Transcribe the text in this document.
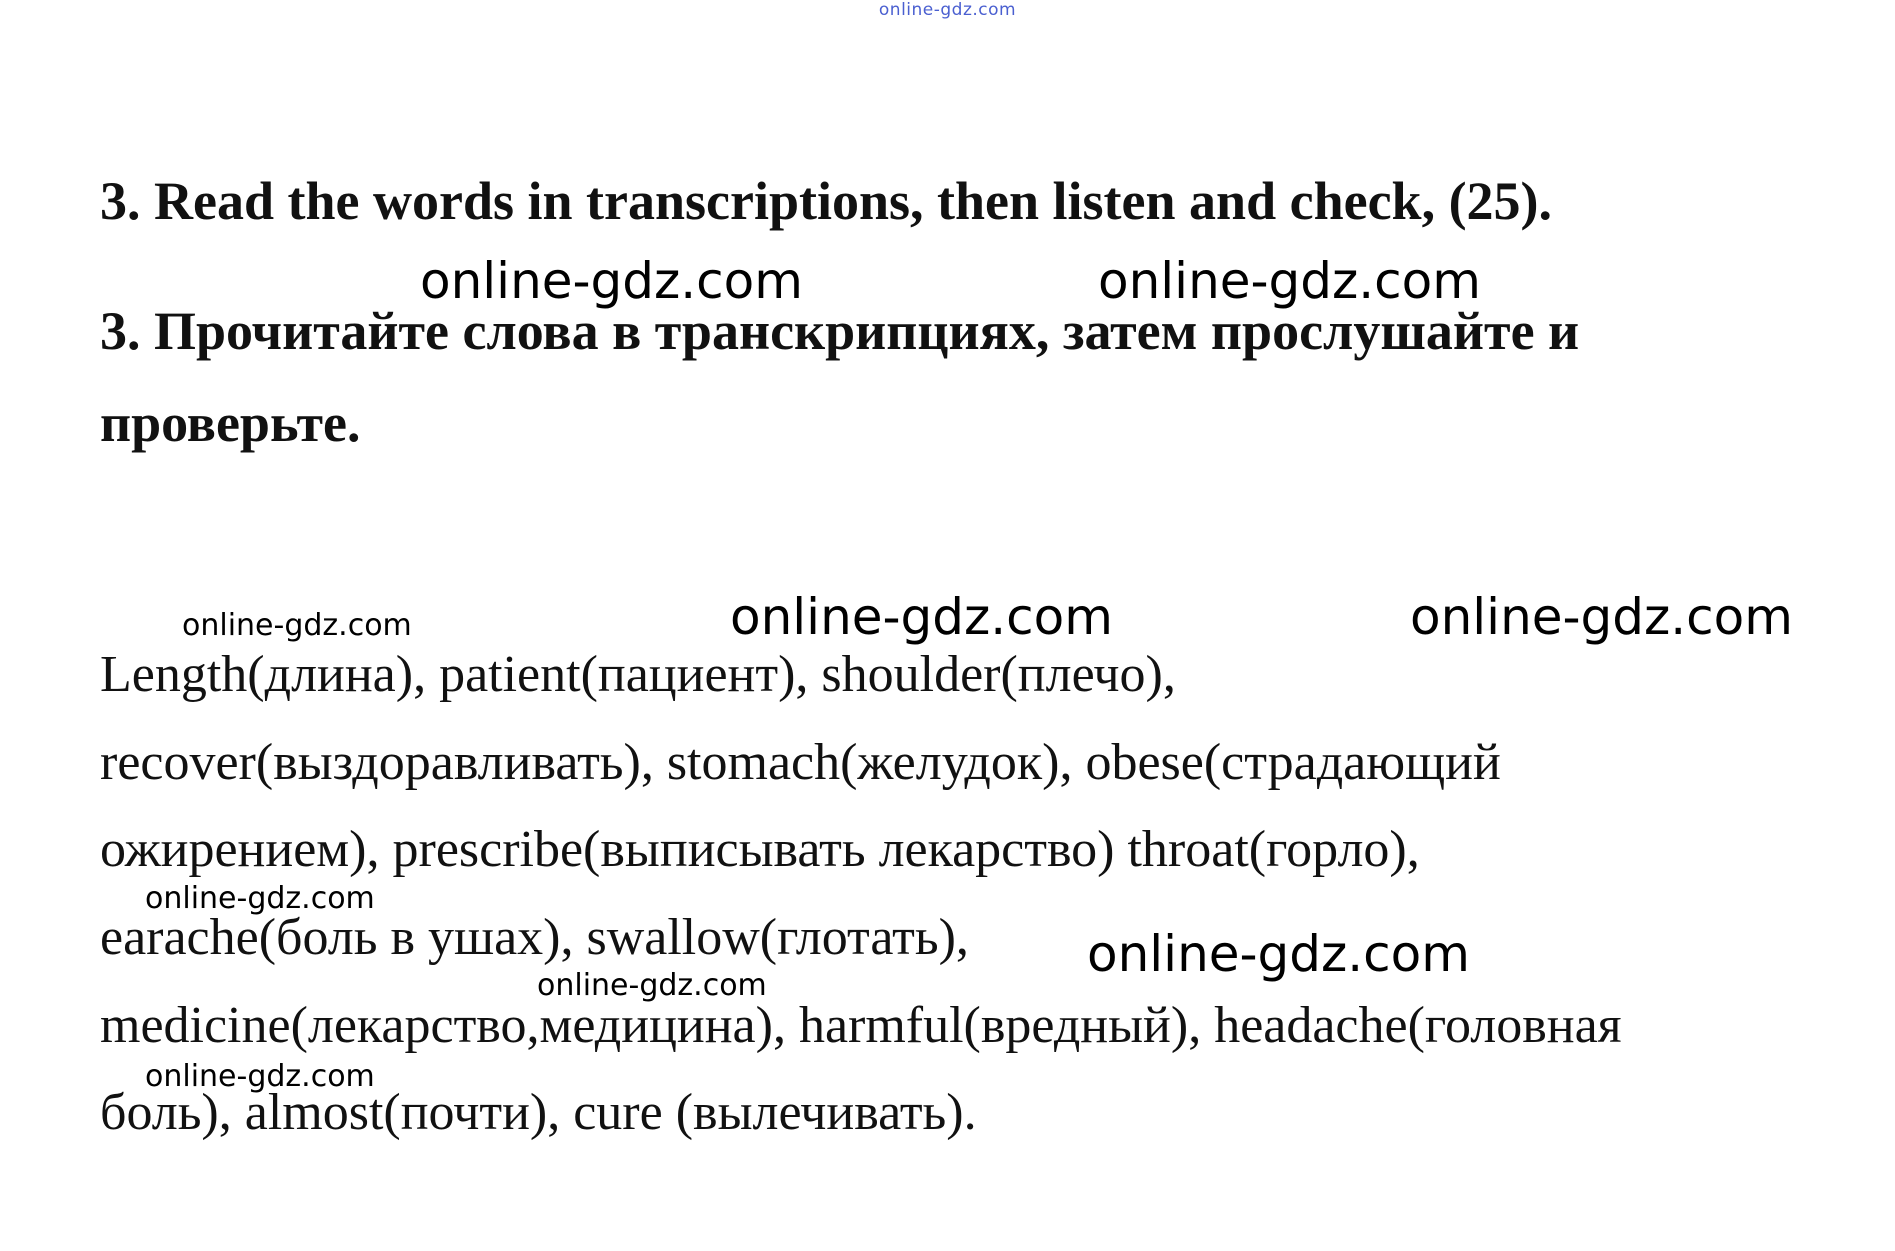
online-gdz.com
3. Read the words in transcriptions, then listen and check, (25).
3. Прочитайте слова в транскрипциях, затем прослушайте и
проверьте.
Length(длина), patient(пациент), shoulder(плечо),
recover(выздоравливать), stomach(желудок), obese(страдающий
ожирением), prescribe(выписывать лекарство) throat(горло),
earache(боль в ушах), swallow(глотать),
medicine(лекарство,медицина), harmful(вредный), headache(головная
боль), almost(почти), cure (вылечивать).
online-gdz.com	online-gdz.com
online-gdz.com	online-gdz.com	online-gdz.com
online-gdz.com
online-gdz.com
online-gdz.com
online-gdz.com
